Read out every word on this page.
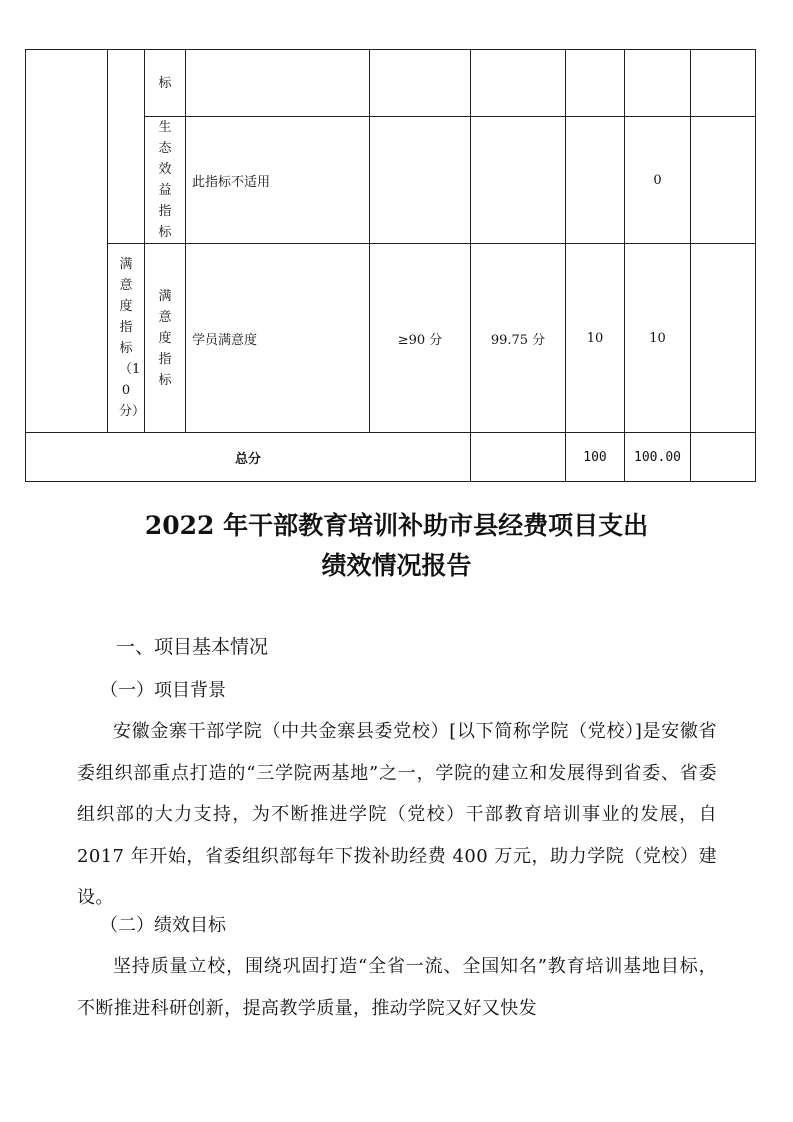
		标						
		生态效益指标	此指标不适用				0	
	满意度指标（10分）	满意度指标	学员满意度	≥90 分	99.75 分	10	10	
总分						100	100.00	
2022 年干部教育培训补助市县经费项目支出
绩效情况报告
一、项目基本情况
（一）项目背景

安徽金寨干部学院（中共金寨县委党校）[以下简称学院（党校）]是安徽省委组织部重点打造的“三学院两基地”之一，学院的建立和发展得到省委、省委组织部的大力支持，为不断推进学院（党校）干部教育培训事业的发展，自 2017 年开始，省委组织部每年下拨补助经费 400 万元，助力学院（党校）建设。

（二）绩效目标

坚持质量立校，围绕巩固打造“全省一流、全国知名”教育培训基地目标，不断推进科研创新，提高教学质量，推动学院又好又快发
